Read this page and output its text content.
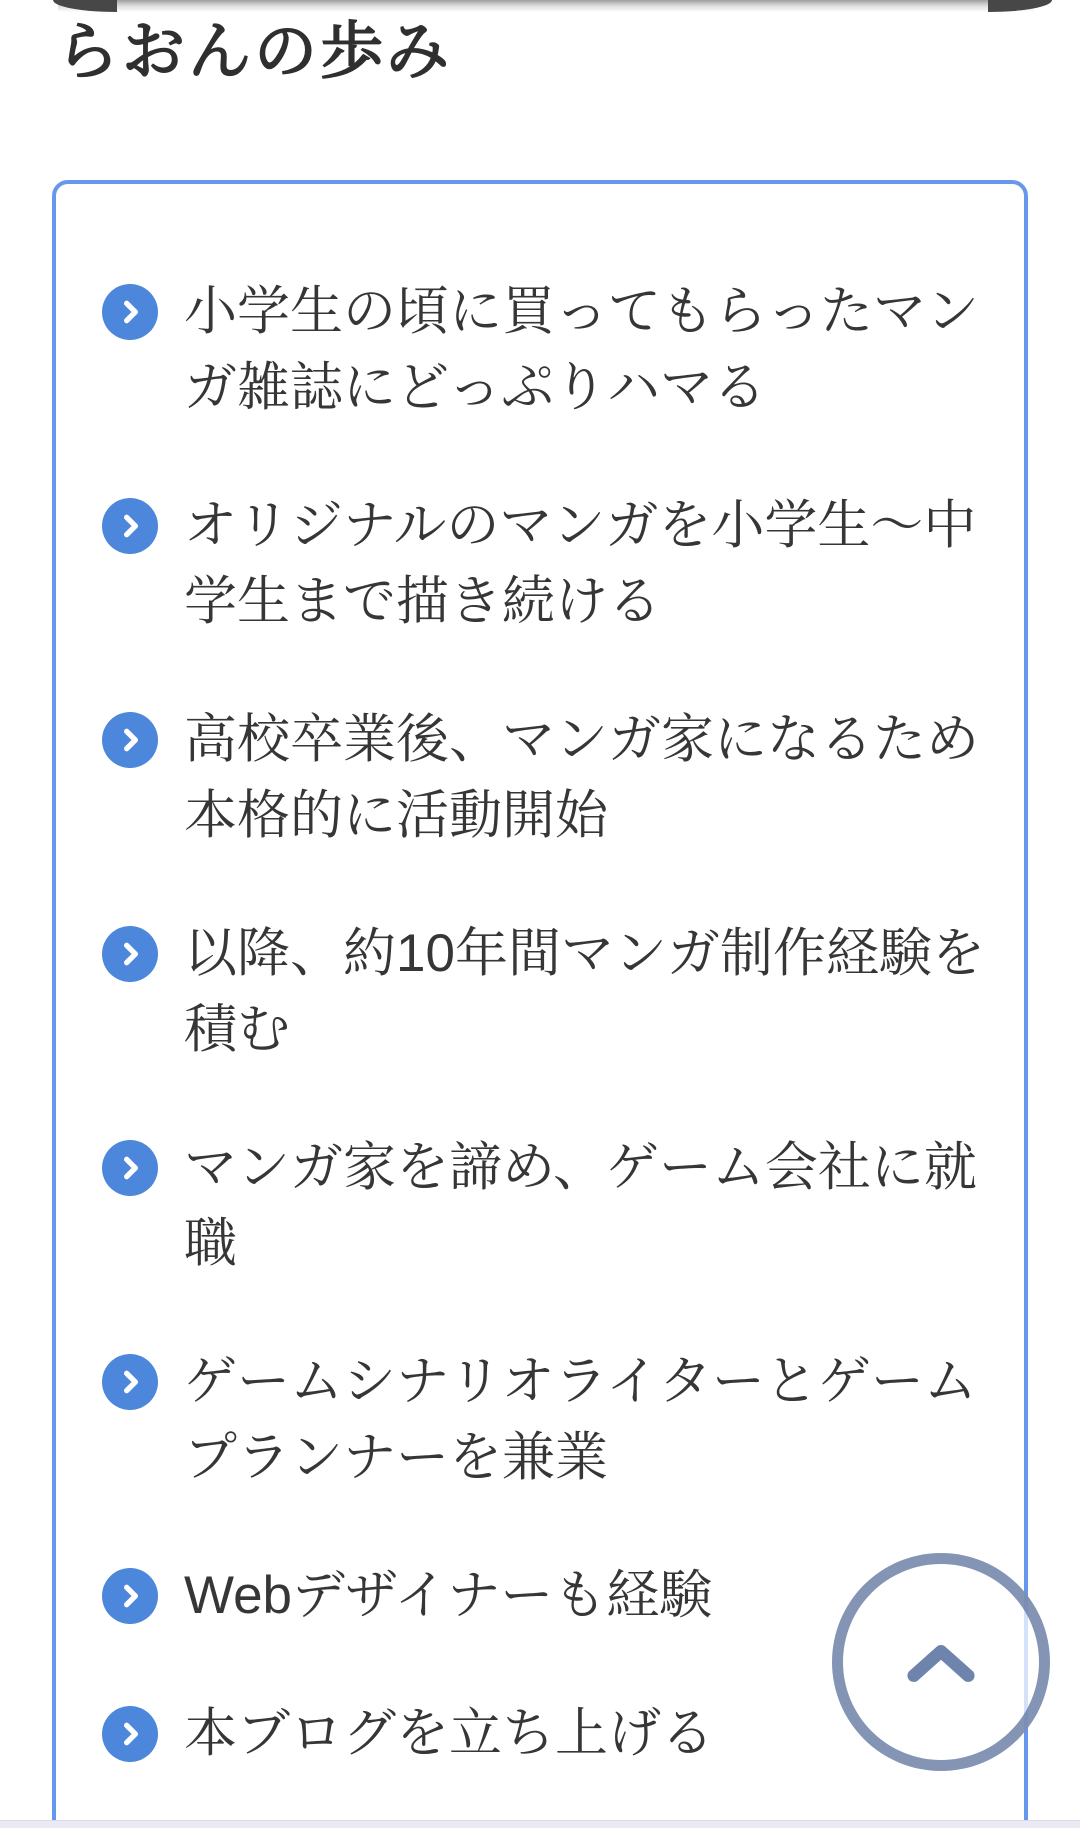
らおんの歩み
小学生の頃に買ってもらったマンガ雑誌にどっぷりハマる
オリジナルのマンガを小学生〜中学生まで描き続ける
高校卒業後、マンガ家になるため本格的に活動開始
以降、約10年間マンガ制作経験を積む
マンガ家を諦め、ゲーム会社に就職
ゲームシナリオライターとゲームプランナーを兼業
Webデザイナーも経験
本ブログを立ち上げる
